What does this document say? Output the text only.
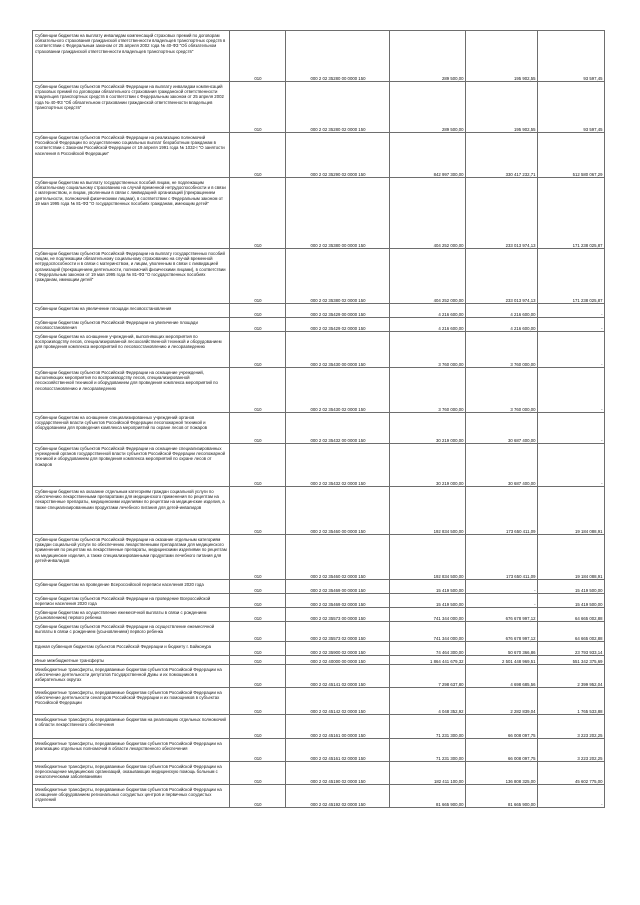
Субвенции бюджетам на выплату инвалидам компенсаций страховых премий по договорам обязательного страхования гражданской ответственности владельцев транспортных средств в соответствии с Федеральным законом от 25 апреля 2002 года № 40-ФЗ "Об обязательном страховании гражданской ответственности владельцев транспортных средств"	010	000 2 02 35280 00 0000 150	289 500,00	195 902,55	93 597,45
Субвенции бюджетам субъектов Российской Федерации на выплату инвалидам компенсаций страховых премий по договорам обязательного страхования гражданской ответственности владельцев транспортных средств в соответствии с Федеральным законом от 25 апреля 2002 года № 40-ФЗ "Об обязательном страховании гражданской ответственности владельцев транспортных средств"	010	000 2 02 35280 02 0000 150	289 500,00	195 902,55	93 597,45
Субвенции бюджетам субъектов Российской Федерации на реализацию полномочий Российской Федерации по осуществлению социальных выплат безработным гражданам в соответствии с Законом Российской Федерации от 19 апреля 1991 года № 1032-I "О занятости населения в Российской Федерации"	010	000 2 02 35290 02 0000 150	842 997 300,00	330 417 232,71	512 580 067,29
Субвенции бюджетам на выплату государственных пособий лицам, не подлежащим обязательному социальному страхованию на случай временной нетрудоспособности и в связи с материнством, и лицам, уволенным в связи с ликвидацией организаций (прекращением деятельности, полномочий физическими лицами), в соответствии с Федеральным законом от 19 мая 1995 года № 81-ФЗ "О государственных пособиях гражданам, имеющим детей"	010	000 2 02 35380 00 0000 150	404 252 000,00	233 013 974,13	171 238 025,87
Субвенции бюджетам субъектов Российской Федерации на выплату государственных пособий лицам, не подлежащим обязательному социальному страхованию на случай временной нетрудоспособности и в связи с материнством, и лицам, уволенным в связи с ликвидацией организаций (прекращением деятельности, полномочий физическими лицами), в соответствии с Федеральным законом от 19 мая 1995 года № 81-ФЗ "О государственных пособиях гражданам, имеющим детей"	010	000 2 02 35380 02 0000 150	404 252 000,00	233 013 974,13	171 238 025,87
Субвенции бюджетам на увеличение площади лесовосстановления	010	000 2 02 35429 00 0000 150	4 216 600,00	4 216 600,00	-
Субвенции бюджетам субъектов Российской Федерации на увеличение площади лесовосстановления	010	000 2 02 35429 02 0000 150	4 216 600,00	4 216 600,00	-
Субвенции бюджетам на оснащение учреждений, выполняющих мероприятия по воспроизводству лесов, специализированной лесохозяйственной техникой и оборудованием для проведения комплекса мероприятий по лесовосстановлению и лесоразведению	010	000 2 02 35430 00 0000 150	3 760 000,00	3 760 000,00	-
Субвенции бюджетам субъектов Российской Федерации на оснащение учреждений, выполняющих мероприятия по воспроизводству лесов, специализированной лесохозяйственной техникой и оборудованием для проведения комплекса мероприятий по лесовосстановлению и лесоразведению	010	000 2 02 35430 02 0000 150	3 760 000,00	3 760 000,00	-
Субвенции бюджетам на оснащение специализированных учреждений органов государственной власти субъектов Российской Федерации лесопожарной техникой и оборудованием для проведения комплекса мероприятий по охране лесов от пожаров	010	000 2 02 35432 00 0000 150	30 219 000,00	30 687 400,00	-
Субвенции бюджетам субъектов Российской Федерации на оснащение специализированных учреждений органов государственной власти субъектов Российской Федерации лесопожарной техникой и оборудованием для проведения комплекса мероприятий по охране лесов от пожаров	010	000 2 02 35432 02 0000 150	30 219 000,00	30 687 400,00	-
Субвенции бюджетам на оказание отдельным категориям граждан социальной услуги по обеспечению лекарственными препаратами для медицинского применения по рецептам на лекарственные препараты, медицинскими изделиями по рецептам на медицинские изделия, а также специализированными продуктами лечебного питания для детей-инвалидов	010	000 2 02 35460 00 0000 150	192 834 500,00	173 650 411,09	19 184 088,91
Субвенции бюджетам субъектов Российской Федерации на оказание отдельным категориям граждан социальной услуги по обеспечению лекарственными препаратами для медицинского применения по рецептам на лекарственные препараты, медицинскими изделиями по рецептам на медицинские изделия, а также специализированными продуктами лечебного питания для детей-инвалидов	010	000 2 02 35460 02 0000 150	192 834 500,00	173 650 411,09	19 184 088,91
Субвенции бюджетам на проведение Всероссийской переписи населения 2020 года	010	000 2 02 35469 00 0000 150	15 419 500,00	-	15 419 500,00
Субвенции бюджетам субъектов Российской Федерации на проведение Всероссийской переписи населения 2020 года	010	000 2 02 35469 02 0000 150	15 419 500,00	-	15 419 500,00
Субвенции бюджетам на осуществление ежемесячной выплаты в связи с рождением (усыновлением) первого ребенка	010	000 2 02 35573 00 0000 150	741 344 000,00	676 678 997,12	64 665 002,88
Субвенции бюджетам субъектов Российской Федерации на осуществление ежемесячной выплаты в связи с рождением (усыновлением) первого ребенка	010	000 2 02 35573 02 0000 150	741 344 000,00	676 678 997,12	64 665 002,88
Единая субвенция бюджетам субъектов Российской Федерации и бюджету г. Байконура	010	000 2 02 35900 02 0000 150	74 464 300,00	50 670 366,86	23 793 933,14
Иные межбюджетные трансферты	010	000 2 02 40000 00 0000 150	1 864 441 679,32	2 501 448 969,51	551 342 375,69
Межбюджетные трансферты, передаваемые бюджетам субъектов Российской Федерации на обеспечение деятельности депутатов Государственной Думы и их помощников в избирательных округах	010	000 2 02 45141 02 0000 150	7 298 637,80	4 698 685,56	2 399 952,04
Межбюджетные трансферты, передаваемые бюджетам субъектов Российской Федерации на обеспечение деятельности сенаторов Российской Федерации и их помощников в субъектах Российской Федерации	010	000 2 02 45142 02 0000 150	4 048 352,92	2 282 839,04	1 765 533,88
Межбюджетные трансферты, передаваемые бюджетам на реализацию отдельных полномочий в области лекарственного обеспечения	010	000 2 02 45161 00 0000 150	71 231 300,00	66 008 097,75	3 223 202,25
Межбюджетные трансферты, передаваемые бюджетам субъектов Российской Федерации на реализацию отдельных полномочий в области лекарственного обеспечения	010	000 2 02 45161 02 0000 150	71 231 300,00	66 008 097,75	3 223 202,25
Межбюджетные трансферты, передаваемые бюджетам субъектов Российской Федерации на переоснащение медицинских организаций, оказывающих медицинскую помощь больным с онкологическими заболеваниями	010	000 2 02 45190 02 0000 150	182 411 100,00	136 808 325,00	45 602 775,00
Межбюджетные трансферты, передаваемые бюджетам субъектов Российской Федерации на оснащение оборудованием региональных сосудистых центров и первичных сосудистых отделений	010	000 2 02 45192 02 0000 150	81 665 900,00	81 665 900,00	-
